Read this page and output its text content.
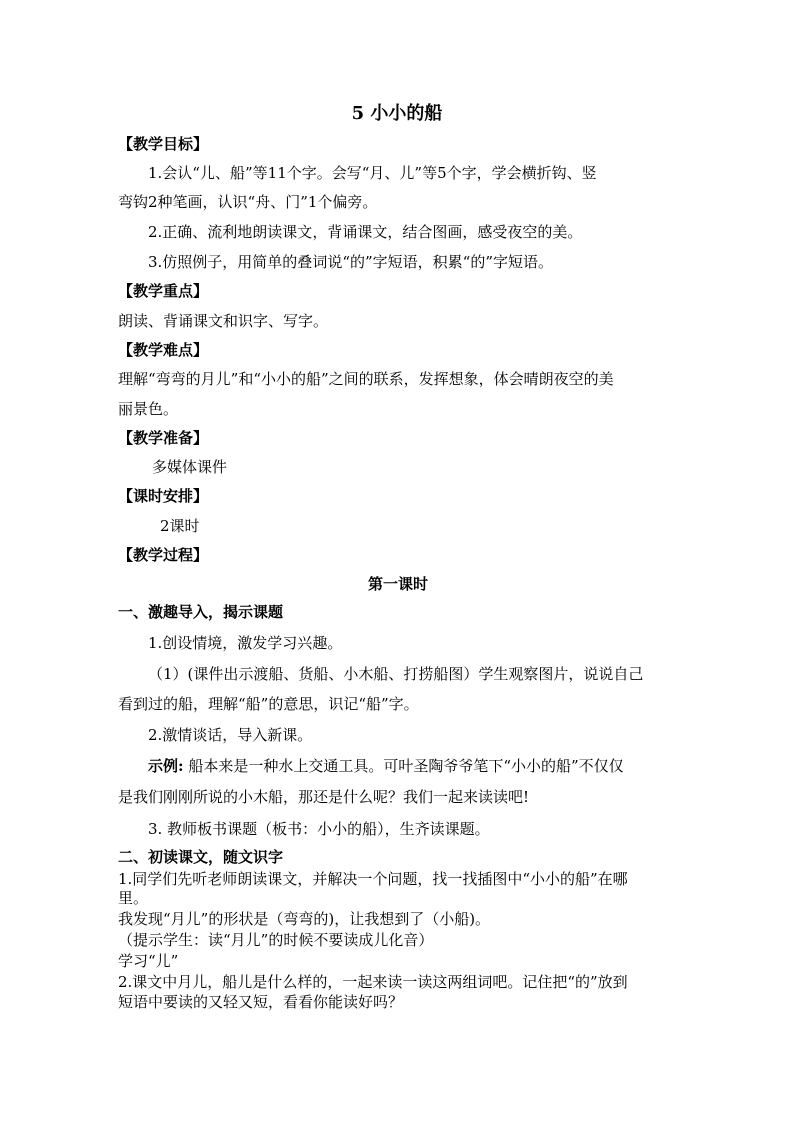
5 小小的船
【教学目标】
1.会认“儿、船”等11个字。会写“月、儿”等5个字，学会横折钩、竖
弯钩2种笔画，认识“舟、门”1个偏旁。
2.正确、流利地朗读课文，背诵课文，结合图画，感受夜空的美。
3.仿照例子，用简单的叠词说“的”字短语，积累“的”字短语。
【教学重点】
朗读、背诵课文和识字、写字。
【教学难点】
理解“弯弯的月儿”和“小小的船”之间的联系，发挥想象，体会晴朗夜空的美
丽景色。
【教学准备】
多媒体课件
【课时安排】
2课时
【教学过程】
第一课时
一、激趣导入，揭示课题
1.创设情境，激发学习兴趣。
（1）(课件出示渡船、货船、小木船、打捞船图）学生观察图片，说说自己
看到过的船，理解“船”的意思，识记“船”字。
2.激情谈话，导入新课。
示例: 船本来是一种水上交通工具。可叶圣陶爷爷笔下“小小的船”不仅仅
是我们刚刚所说的小木船，那还是什么呢？我们一起来读读吧!
3. 教师板书课题（板书：小小的船），生齐读课题。
二、初读课文，随文识字
1.同学们先听老师朗读课文，并解决一个问题，找一找插图中“小小的船”在哪
里。
我发现“月儿”的形状是（弯弯的)，让我想到了（小船)。
（提示学生：读“月儿”的时候不要读成儿化音）
学习“儿”
2.课文中月儿，船儿是什么样的，一起来读一读这两组词吧。记住把“的”放到
短语中要读的又轻又短，看看你能读好吗？
